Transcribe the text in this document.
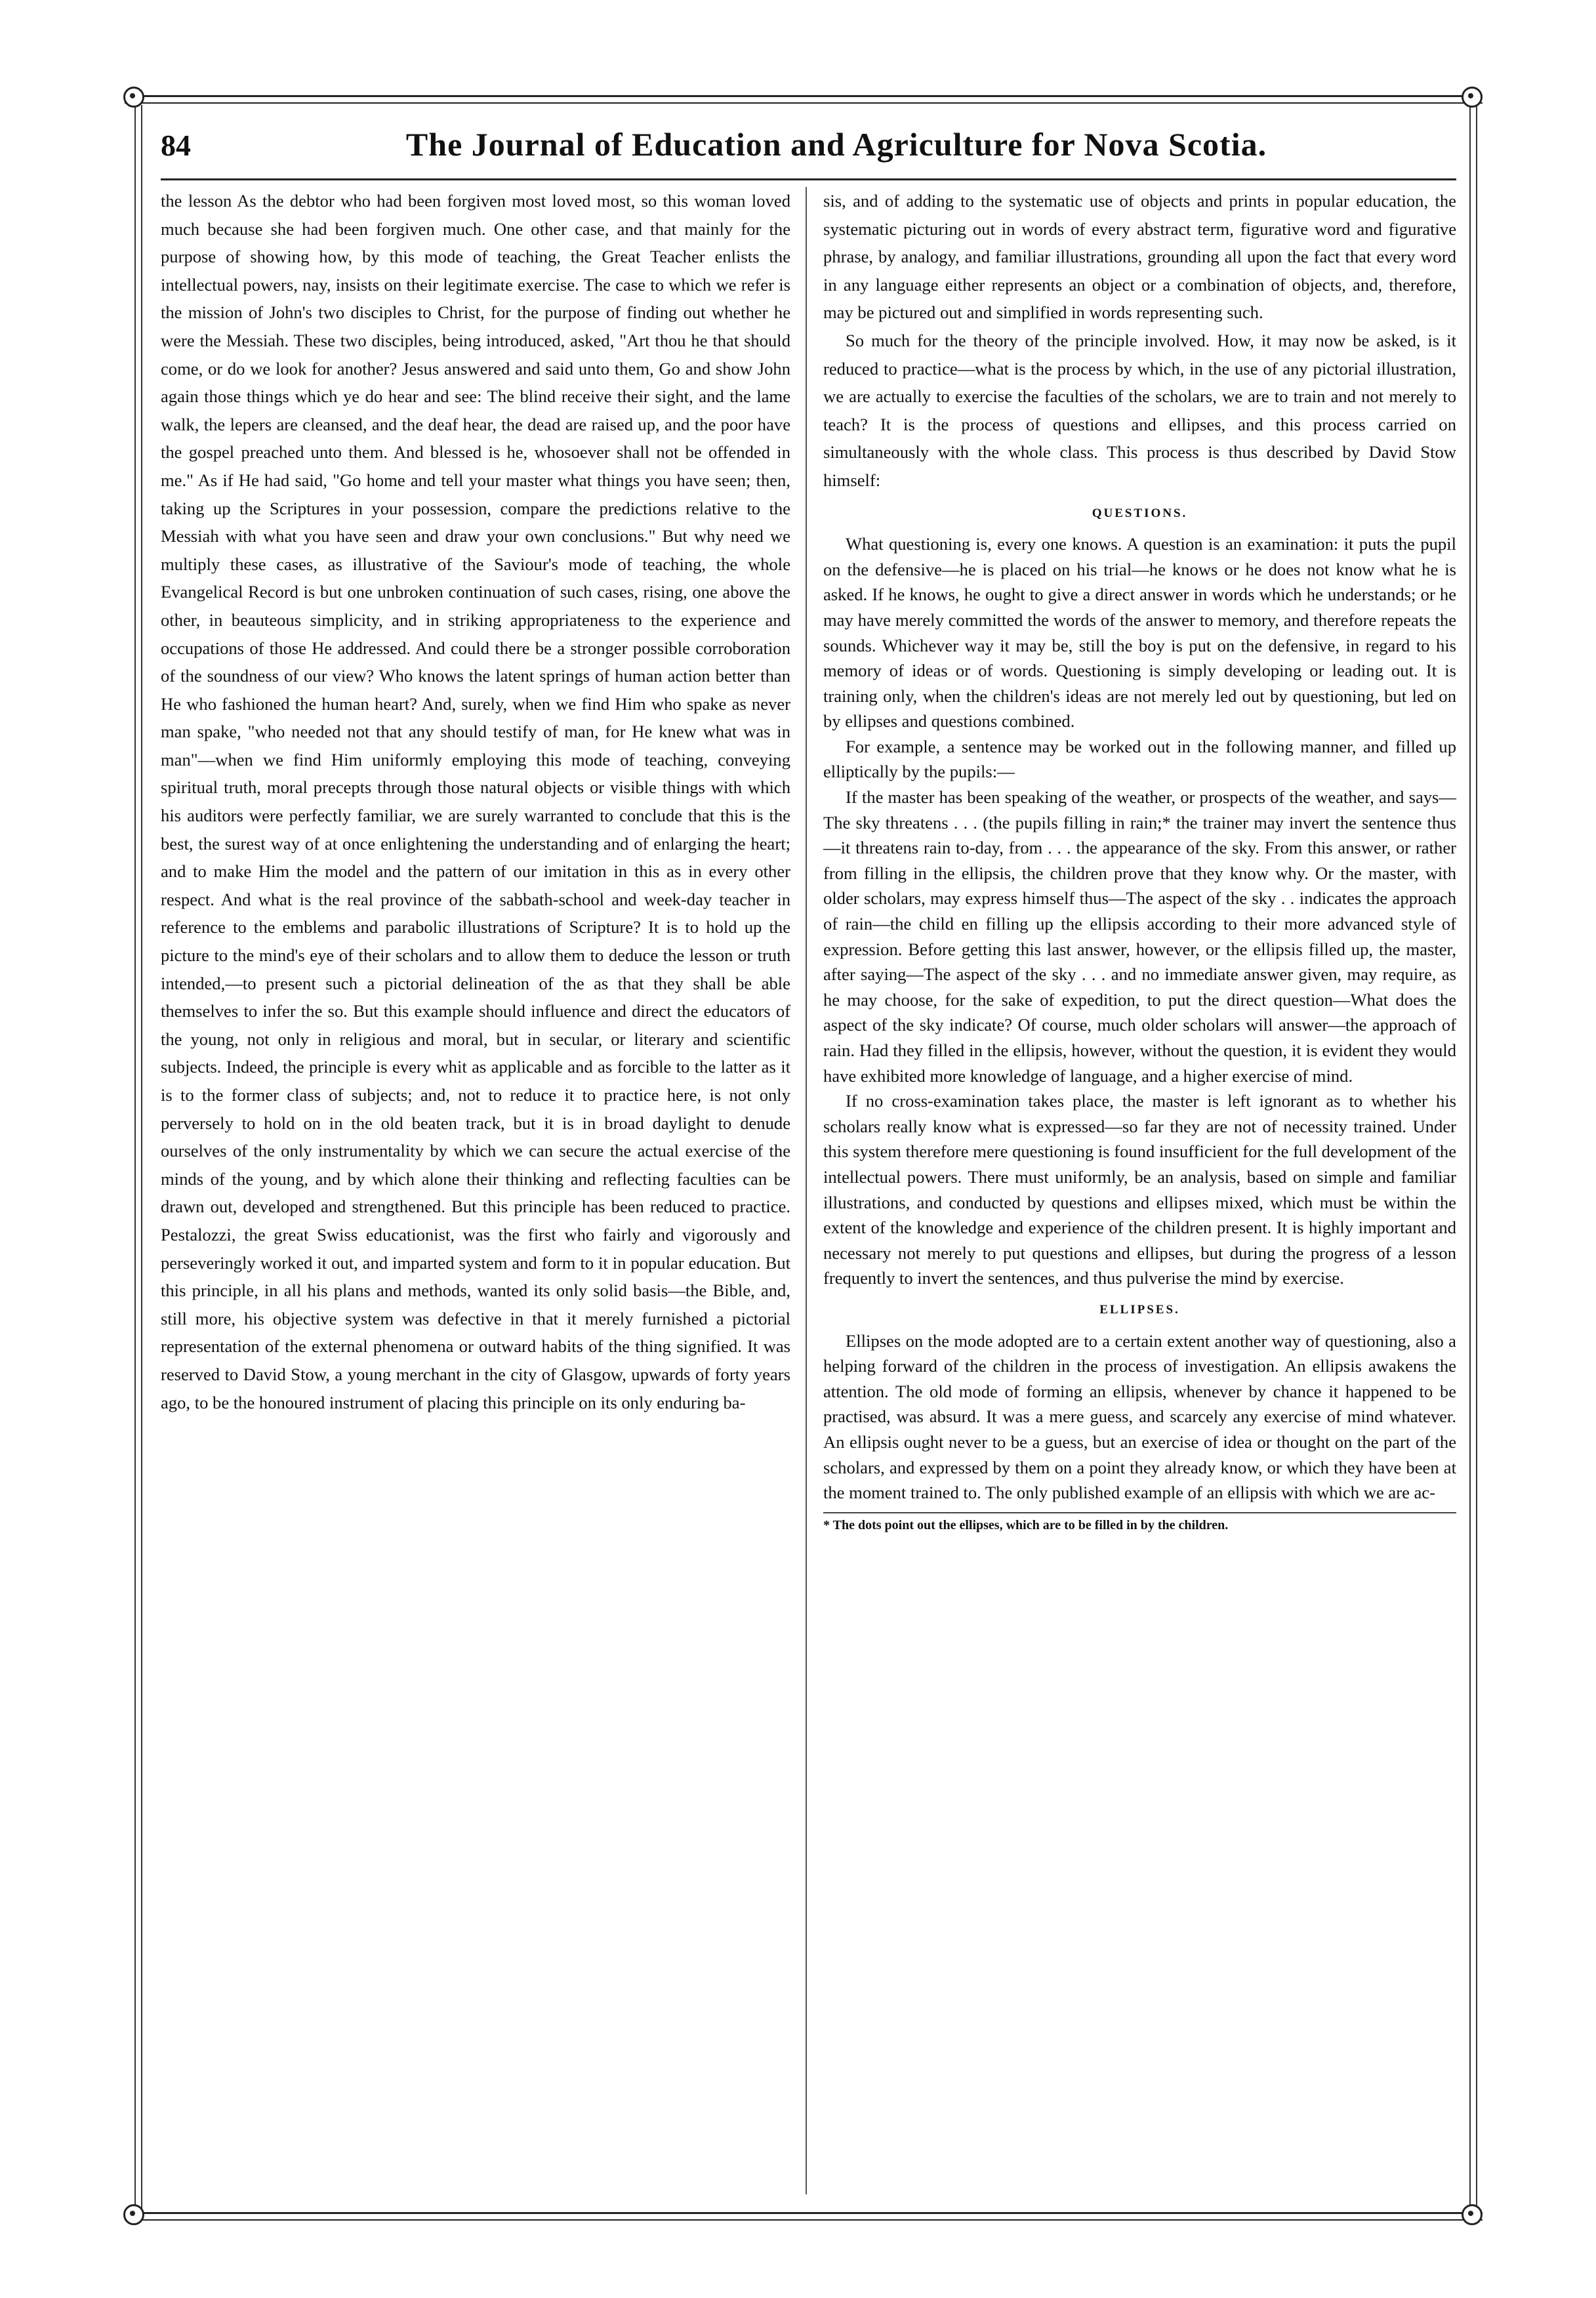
84	The Journal of Education and Agriculture for Nova Scotia.

the lesson As the debtor who had been forgiven most loved most, so this woman loved much because she had been forgiven much. One other case, and that mainly for the purpose of showing how, by this mode of teaching, the Great Teacher enlists the intellectual powers, nay, insists on their legitimate exercise. The case to which we refer is the mission of John's two disciples to Christ, for the purpose of finding out whether he were the Messiah. These two disciples, being introduced, asked, "Art thou he that should come, or do we look for another? Jesus answered and said unto them, Go and show John again those things which ye do hear and see: The blind receive their sight, and the lame walk, the lepers are cleansed, and the deaf hear, the dead are raised up, and the poor have the gospel preached unto them. And blessed is he, whosoever shall not be offended in me." As if He had said, "Go home and tell your master what things you have seen; then, taking up the Scriptures in your possession, compare the predictions relative to the Messiah with what you have seen and draw your own conclusions." But why need we multiply these cases, as illustrative of the Saviour's mode of teaching, the whole Evangelical Record is but one unbroken continuation of such cases, rising, one above the other, in beauteous simplicity, and in striking appropriateness to the experience and occupations of those He addressed. And could there be a stronger possible corroboration of the soundness of our view? Who knows the latent springs of human action better than He who fashioned the human heart? And, surely, when we find Him who spake as never man spake, "who needed not that any should testify of man, for He knew what was in man"—when we find Him uniformly employing this mode of teaching, conveying spiritual truth, moral precepts through those natural objects or visible things with which his auditors were perfectly familiar, we are surely warranted to conclude that this is the best, the surest way of at once enlightening the understanding and of enlarging the heart; and to make Him the model and the pattern of our imitation in this as in every other respect. And what is the real province of the sabbath-school and week-day teacher in reference to the emblems and parabolic illustrations of Scripture? It is to hold up the picture to the mind's eye of their scholars and to allow them to deduce the lesson or truth intended,—to present such a pictorial delineation of the as that they shall be able themselves to infer the so. But this example should influence and direct the educators of the young, not only in religious and moral, but in secular, or literary and scientific subjects. Indeed, the principle is every whit as applicable and as forcible to the latter as it is to the former class of subjects; and, not to reduce it to practice here, is not only perversely to hold on in the old beaten track, but it is in broad daylight to denude ourselves of the only instrumentality by which we can secure the actual exercise of the minds of the young, and by which alone their thinking and reflecting faculties can be drawn out, developed and strengthened. But this principle has been reduced to practice. Pestalozzi, the great Swiss educationist, was the first who fairly and vigorously and perseveringly worked it out, and imparted system and form to it in popular education. But this principle, in all his plans and methods, wanted its only solid basis—the Bible, and, still more, his objective system was defective in that it merely furnished a pictorial representation of the external phenomena or outward habits of the thing signified. It was reserved to David Stow, a young merchant in the city of Glasgow, upwards of forty years ago, to be the honoured instrument of placing this principle on its only enduring ba-

sis, and of adding to the systematic use of objects and prints in popular education, the systematic picturing out in words of every abstract term, figurative word and figurative phrase, by analogy, and familiar illustrations, grounding all upon the fact that every word in any language either represents an object or a combination of objects, and, therefore, may be pictured out and simplified in words representing such.

So much for the theory of the principle involved. How, it may now be asked, is it reduced to practice—what is the process by which, in the use of any pictorial illustration, we are actually to exercise the faculties of the scholars, we are to train and not merely to teach? It is the process of questions and ellipses, and this process carried on simultaneously with the whole class. This process is thus described by David Stow himself:

QUESTIONS.

What questioning is, every one knows. A question is an examination: it puts the pupil on the defensive—he is placed on his trial—he knows or he does not know what he is asked. If he knows, he ought to give a direct answer in words which he understands; or he may have merely committed the words of the answer to memory, and therefore repeats the sounds. Whichever way it may be, still the boy is put on the defensive, in regard to his memory of ideas or of words. Questioning is simply developing or leading out. It is training only, when the children's ideas are not merely led out by questioning, but led on by ellipses and questions combined.

For example, a sentence may be worked out in the following manner, and filled up elliptically by the pupils:—

If the master has been speaking of the weather, or prospects of the weather, and says—The sky threatens . . . (the pupils filling in rain;* the trainer may invert the sentence thus—it threatens rain to-day, from . . . the appearance of the sky. From this answer, or rather from filling in the ellipsis, the children prove that they know why. Or the master, with older scholars, may express himself thus—The aspect of the sky . . indicates the approach of rain—the child en filling up the ellipsis according to their more advanced style of expression. Before getting this last answer, however, or the ellipsis filled up, the master, after saying—The aspect of the sky . . . and no immediate answer given, may require, as he may choose, for the sake of expedition, to put the direct question—What does the aspect of the sky indicate? Of course, much older scholars will answer—the approach of rain. Had they filled in the ellipsis, however, without the question, it is evident they would have exhibited more knowledge of language, and a higher exercise of mind.

If no cross-examination takes place, the master is left ignorant as to whether his scholars really know what is expressed—so far they are not of necessity trained. Under this system therefore mere questioning is found insufficient for the full development of the intellectual powers. There must uniformly, be an analysis, based on simple and familiar illustrations, and conducted by questions and ellipses mixed, which must be within the extent of the knowledge and experience of the children present. It is highly important and necessary not merely to put questions and ellipses, but during the progress of a lesson frequently to invert the sentences, and thus pulverise the mind by exercise.

ELLIPSES.

Ellipses on the mode adopted are to a certain extent another way of questioning, also a helping forward of the children in the process of investigation. An ellipsis awakens the attention. The old mode of forming an ellipsis, whenever by chance it happened to be practised, was absurd. It was a mere guess, and scarcely any exercise of mind whatever. An ellipsis ought never to be a guess, but an exercise of idea or thought on the part of the scholars, and expressed by them on a point they already know, or which they have been at the moment trained to. The only published example of an ellipsis with which we are ac-

* The dots point out the ellipses, which are to be filled in by the children.
